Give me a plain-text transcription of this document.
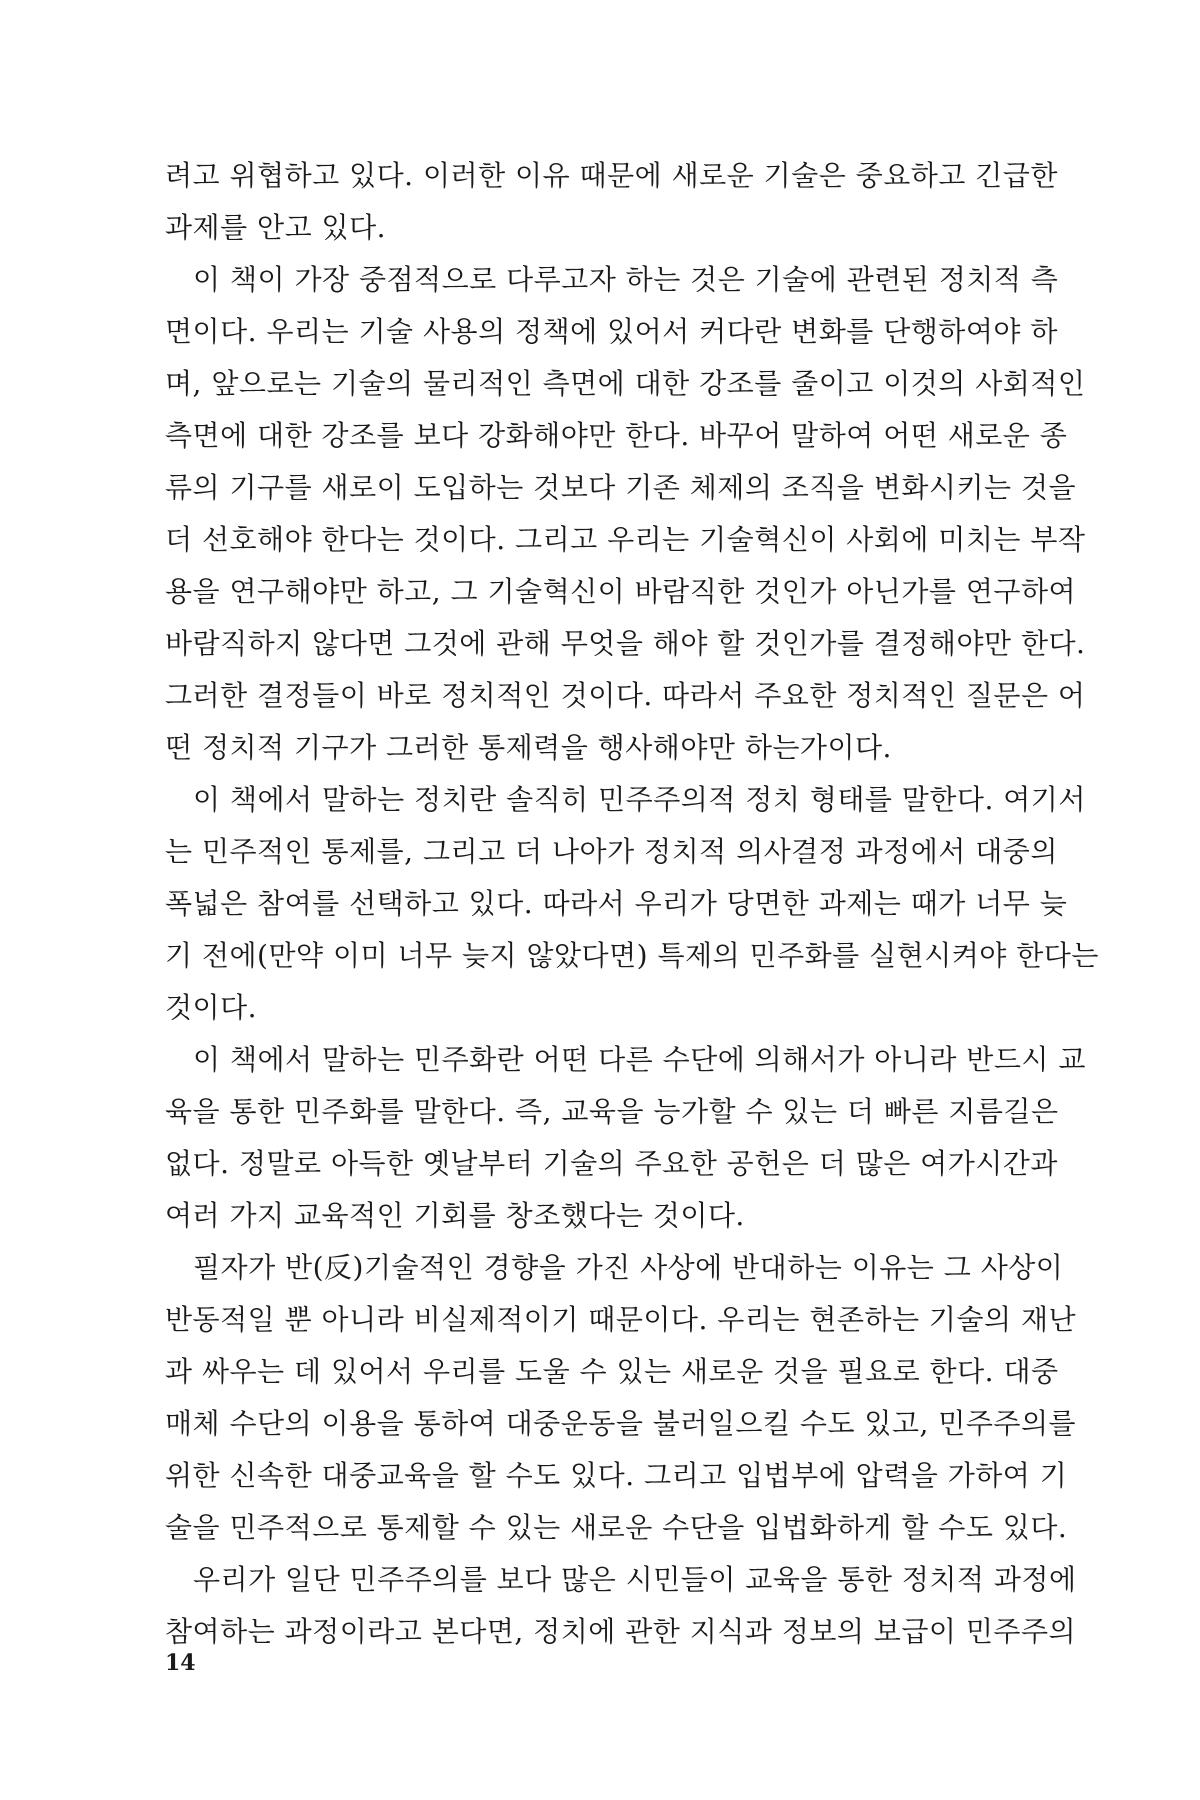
려고 위협하고 있다. 이러한 이유 때문에 새로운 기술은 중요하고 긴급한
과제를 안고 있다.
이 책이 가장 중점적으로 다루고자 하는 것은 기술에 관련된 정치적 측
면이다. 우리는 기술 사용의 정책에 있어서 커다란 변화를 단행하여야 하
며, 앞으로는 기술의 물리적인 측면에 대한 강조를 줄이고 이것의 사회적인
측면에 대한 강조를 보다 강화해야만 한다. 바꾸어 말하여 어떤 새로운 종
류의 기구를 새로이 도입하는 것보다 기존 체제의 조직을 변화시키는 것을
더 선호해야 한다는 것이다. 그리고 우리는 기술혁신이 사회에 미치는 부작
용을 연구해야만 하고, 그 기술혁신이 바람직한 것인가 아닌가를 연구하여
바람직하지 않다면 그것에 관해 무엇을 해야 할 것인가를 결정해야만 한다.
그러한 결정들이 바로 정치적인 것이다. 따라서 주요한 정치적인 질문은 어
떤 정치적 기구가 그러한 통제력을 행사해야만 하는가이다.
이 책에서 말하는 정치란 솔직히 민주주의적 정치 형태를 말한다. 여기서
는 민주적인 통제를, 그리고 더 나아가 정치적 의사결정 과정에서 대중의
폭넓은 참여를 선택하고 있다. 따라서 우리가 당면한 과제는 때가 너무 늦
기 전에(만약 이미 너무 늦지 않았다면) 특제의 민주화를 실현시켜야 한다는
것이다.
이 책에서 말하는 민주화란 어떤 다른 수단에 의해서가 아니라 반드시 교
육을 통한 민주화를 말한다. 즉, 교육을 능가할 수 있는 더 빠른 지름길은
없다. 정말로 아득한 옛날부터 기술의 주요한 공헌은 더 많은 여가시간과
여러 가지 교육적인 기회를 창조했다는 것이다.
필자가 반(反)기술적인 경향을 가진 사상에 반대하는 이유는 그 사상이
반동적일 뿐 아니라 비실제적이기 때문이다. 우리는 현존하는 기술의 재난
과 싸우는 데 있어서 우리를 도울 수 있는 새로운 것을 필요로 한다. 대중
매체 수단의 이용을 통하여 대중운동을 불러일으킬 수도 있고, 민주주의를
위한 신속한 대중교육을 할 수도 있다. 그리고 입법부에 압력을 가하여 기
술을 민주적으로 통제할 수 있는 새로운 수단을 입법화하게 할 수도 있다.
우리가 일단 민주주의를 보다 많은 시민들이 교육을 통한 정치적 과정에
참여하는 과정이라고 본다면, 정치에 관한 지식과 정보의 보급이 민주주의
14
